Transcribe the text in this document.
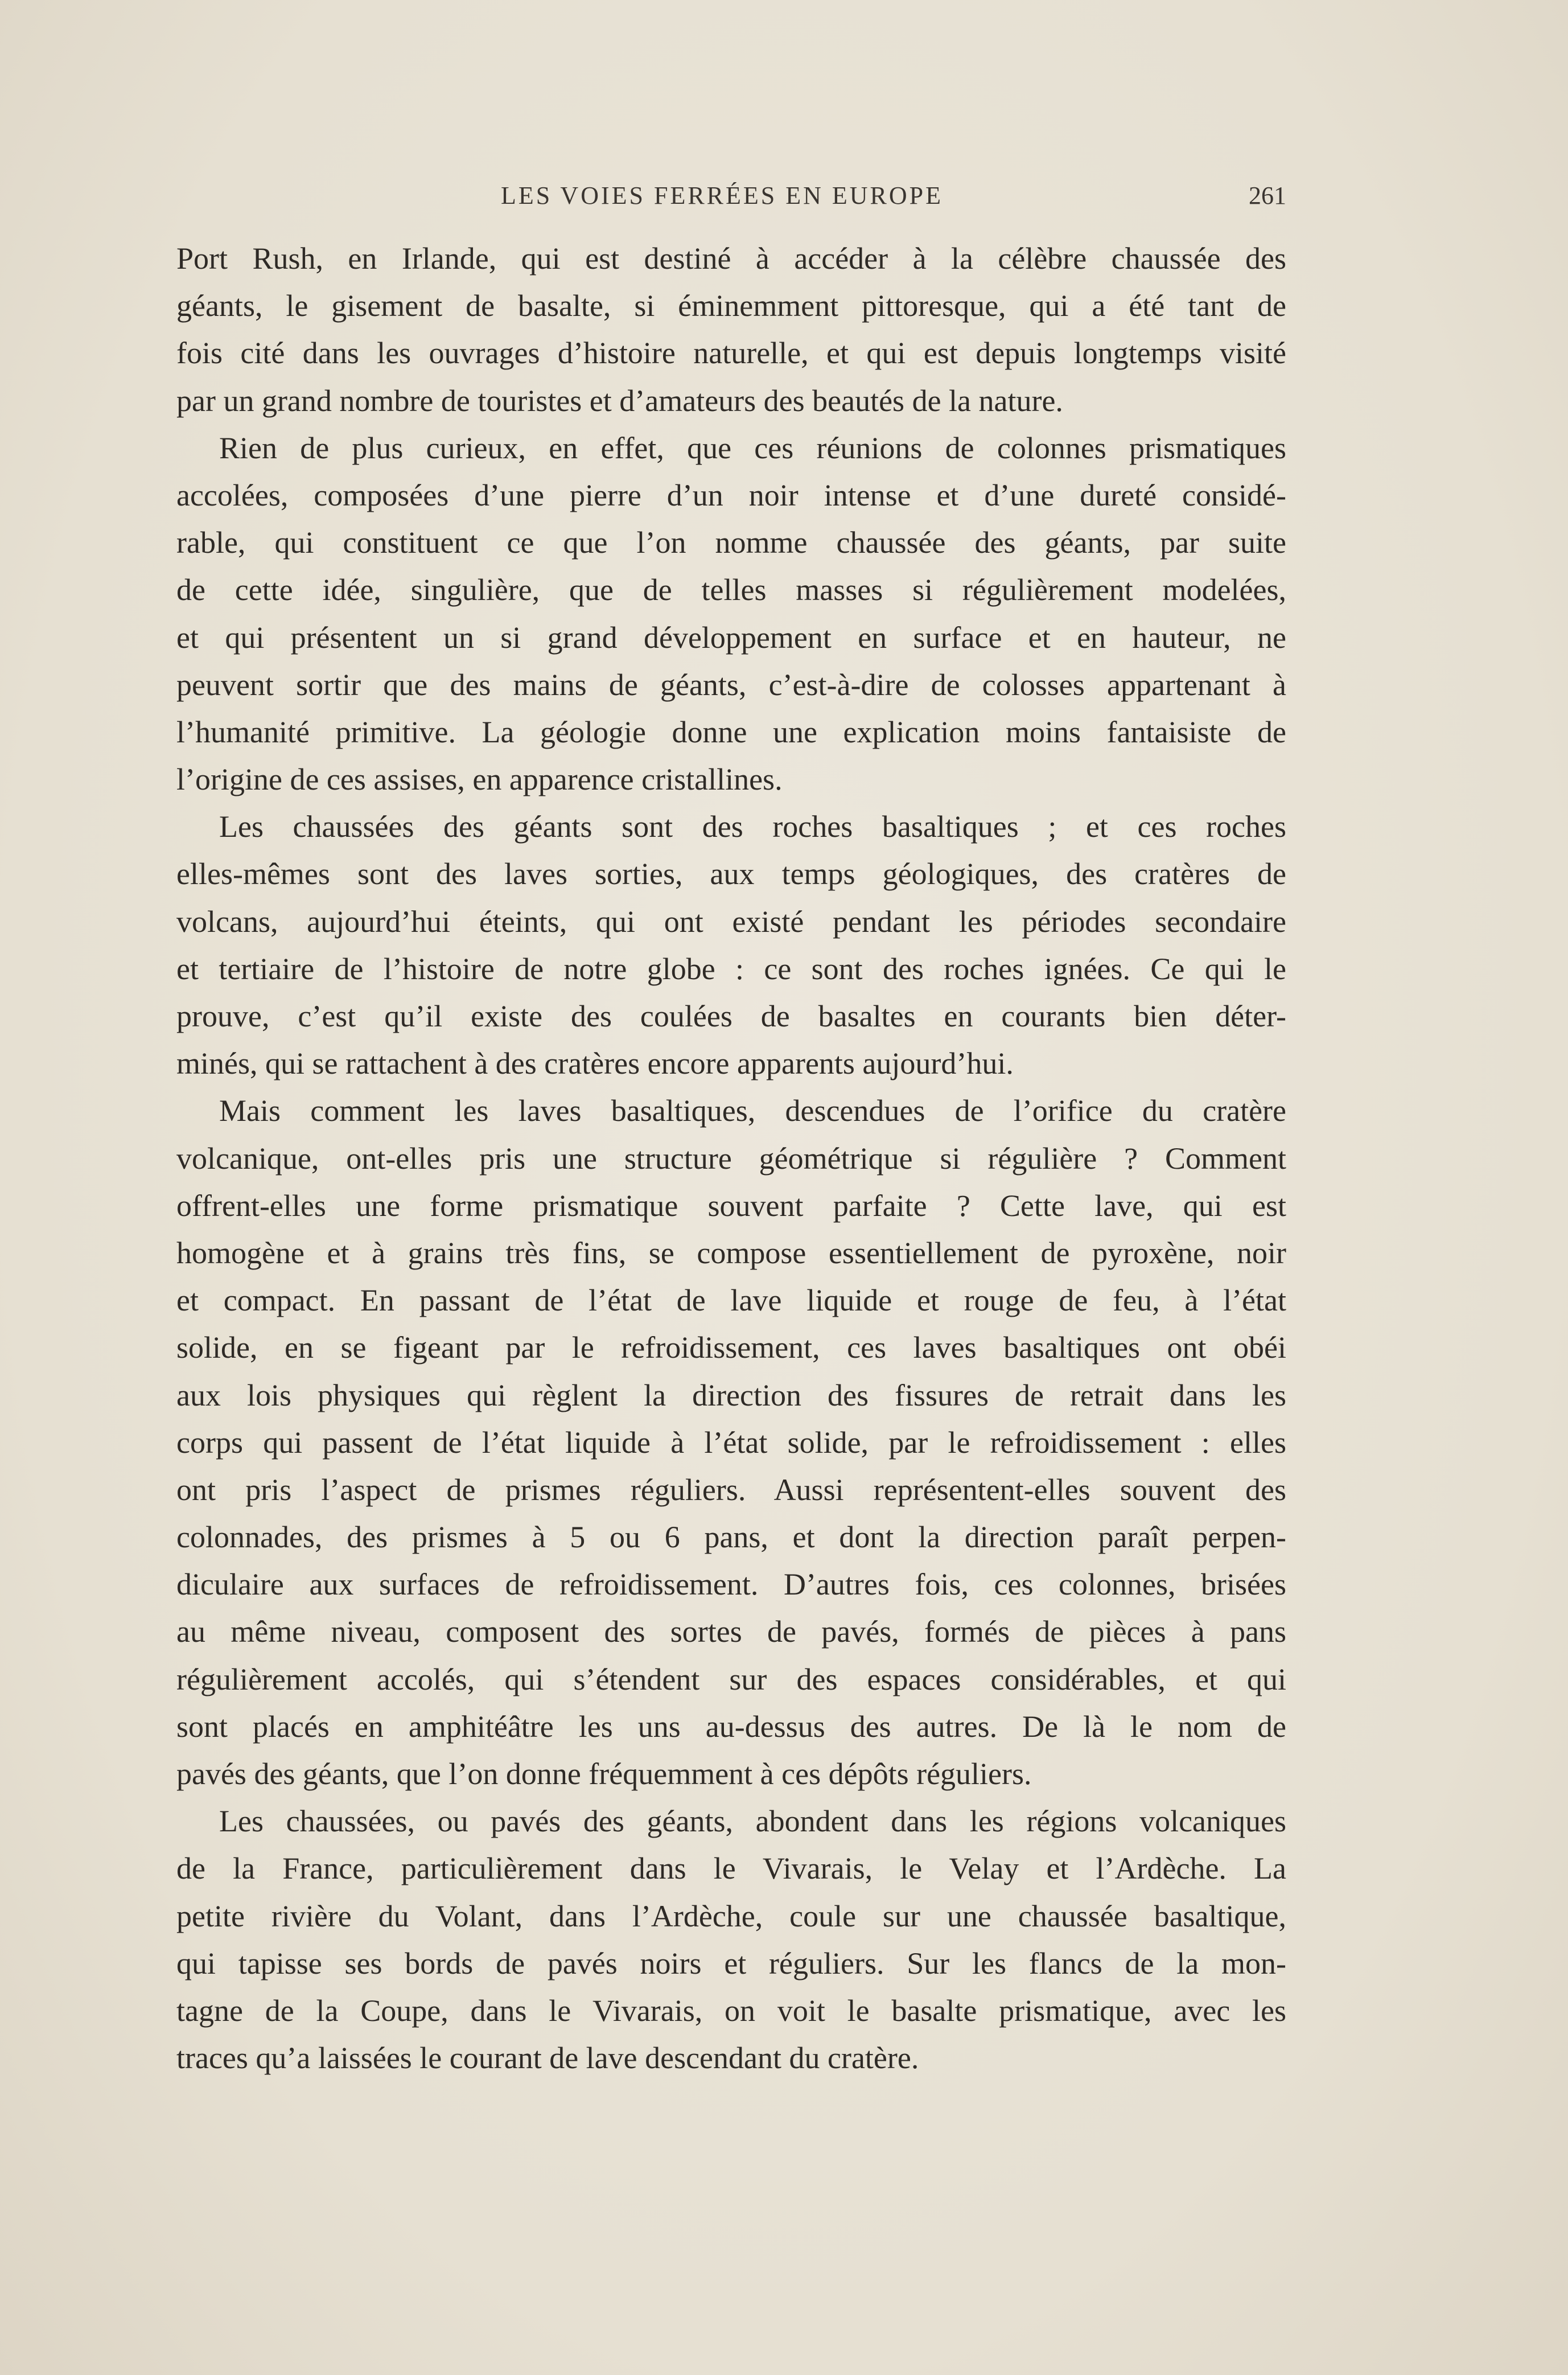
LES VOIES FERRÉES EN EUROPE	261
Port Rush, en Irlande, qui est destiné à accéder à la célèbre chaussée des
géants, le gisement de basalte, si éminemment pittoresque, qui a été tant de
fois cité dans les ouvrages d’histoire naturelle, et qui est depuis longtemps visité
par un grand nombre de touristes et d’amateurs des beautés de la nature.
Rien de plus curieux, en effet, que ces réunions de colonnes prismatiques
accolées, composées d’une pierre d’un noir intense et d’une dureté considé-
rable, qui constituent ce que l’on nomme chaussée des géants, par suite
de cette idée, singulière, que de telles masses si régulièrement modelées,
et qui présentent un si grand développement en surface et en hauteur, ne
peuvent sortir que des mains de géants, c’est-à-dire de colosses appartenant à
l’humanité primitive. La géologie donne une explication moins fantaisiste de
l’origine de ces assises, en apparence cristallines.
Les chaussées des géants sont des roches basaltiques ; et ces roches
elles-mêmes sont des laves sorties, aux temps géologiques, des cratères de
volcans, aujourd’hui éteints, qui ont existé pendant les périodes secondaire
et tertiaire de l’histoire de notre globe : ce sont des roches ignées. Ce qui le
prouve, c’est qu’il existe des coulées de basaltes en courants bien déter-
minés, qui se rattachent à des cratères encore apparents aujourd’hui.
Mais comment les laves basaltiques, descendues de l’orifice du cratère
volcanique, ont-elles pris une structure géométrique si régulière ? Comment
offrent-elles une forme prismatique souvent parfaite ? Cette lave, qui est
homogène et à grains très fins, se compose essentiellement de pyroxène, noir
et compact. En passant de l’état de lave liquide et rouge de feu, à l’état
solide, en se figeant par le refroidissement, ces laves basaltiques ont obéi
aux lois physiques qui règlent la direction des fissures de retrait dans les
corps qui passent de l’état liquide à l’état solide, par le refroidissement : elles
ont pris l’aspect de prismes réguliers. Aussi représentent-elles souvent des
colonnades, des prismes à 5 ou 6 pans, et dont la direction paraît perpen-
diculaire aux surfaces de refroidissement. D’autres fois, ces colonnes, brisées
au même niveau, composent des sortes de pavés, formés de pièces à pans
régulièrement accolés, qui s’étendent sur des espaces considérables, et qui
sont placés en amphitéâtre les uns au-dessus des autres. De là le nom de
pavés des géants, que l’on donne fréquemment à ces dépôts réguliers.
Les chaussées, ou pavés des géants, abondent dans les régions volcaniques
de la France, particulièrement dans le Vivarais, le Velay et l’Ardèche. La
petite rivière du Volant, dans l’Ardèche, coule sur une chaussée basaltique,
qui tapisse ses bords de pavés noirs et réguliers. Sur les flancs de la mon-
tagne de la Coupe, dans le Vivarais, on voit le basalte prismatique, avec les
traces qu’a laissées le courant de lave descendant du cratère.
